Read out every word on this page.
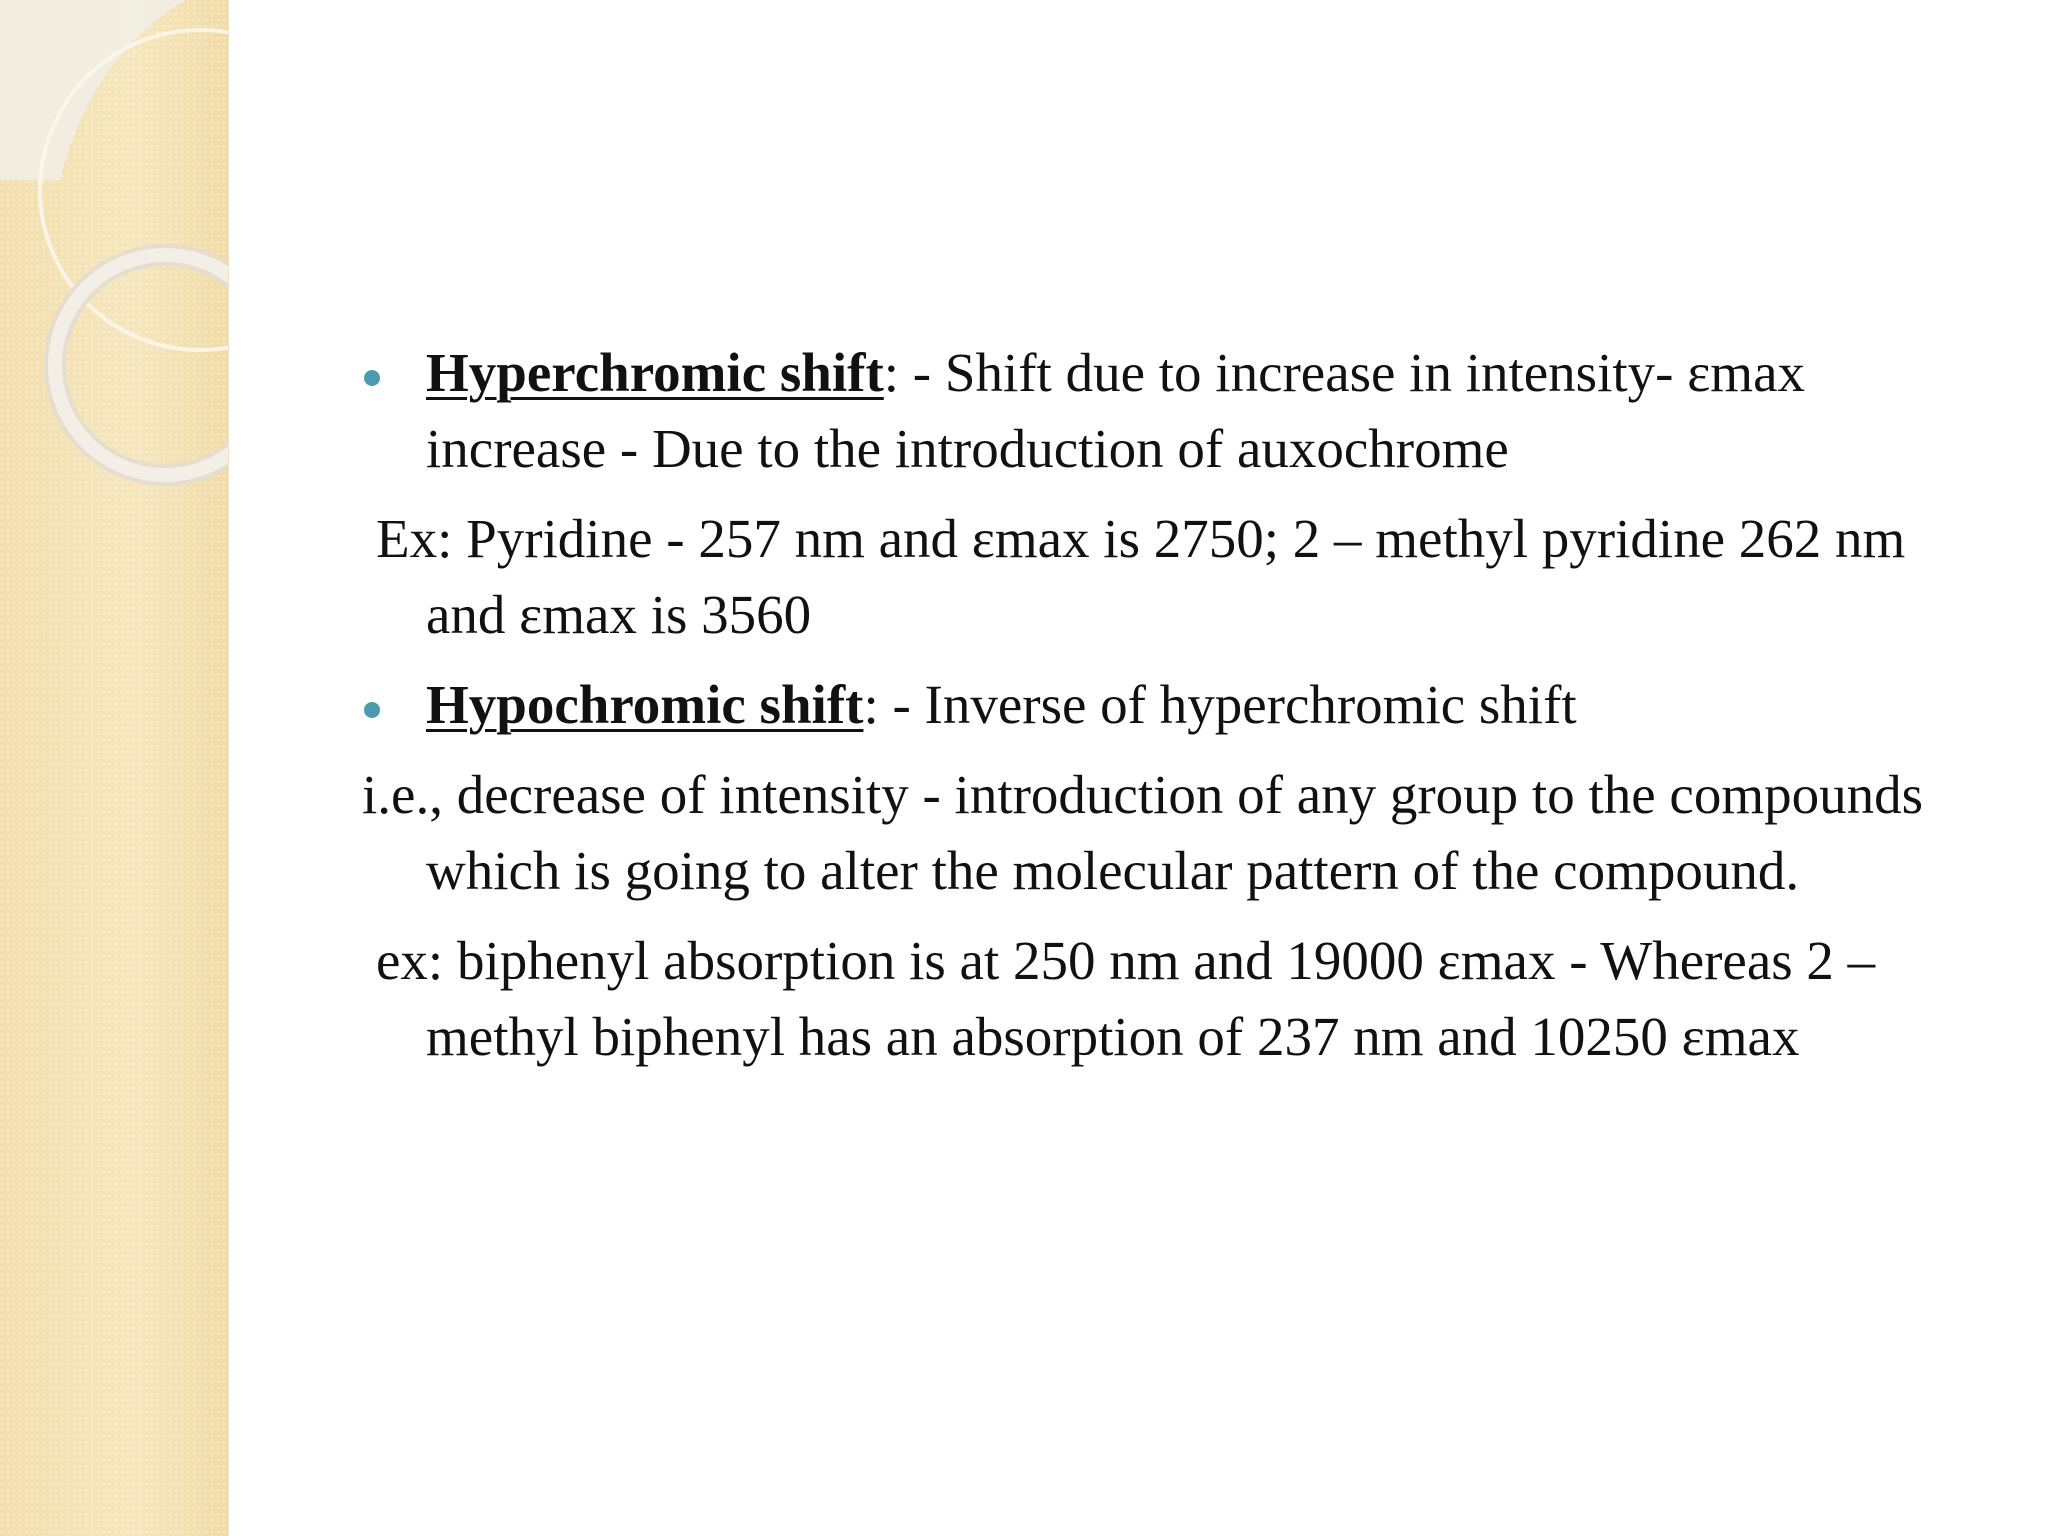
Hyperchromic shift: - Shift due to increase in intensity- εmax increase - Due to the introduction of auxochrome
Ex: Pyridine - 257 nm and εmax is 2750; 2 – methyl pyridine 262 nm and εmax is 3560
Hypochromic shift: - Inverse of hyperchromic shift
i.e., decrease of intensity - introduction of any group to the compounds which is going to alter the molecular pattern of the compound.
ex: biphenyl absorption is at 250 nm and 19000 εmax - Whereas 2 –methyl biphenyl has an absorption of 237 nm and 10250 εmax
